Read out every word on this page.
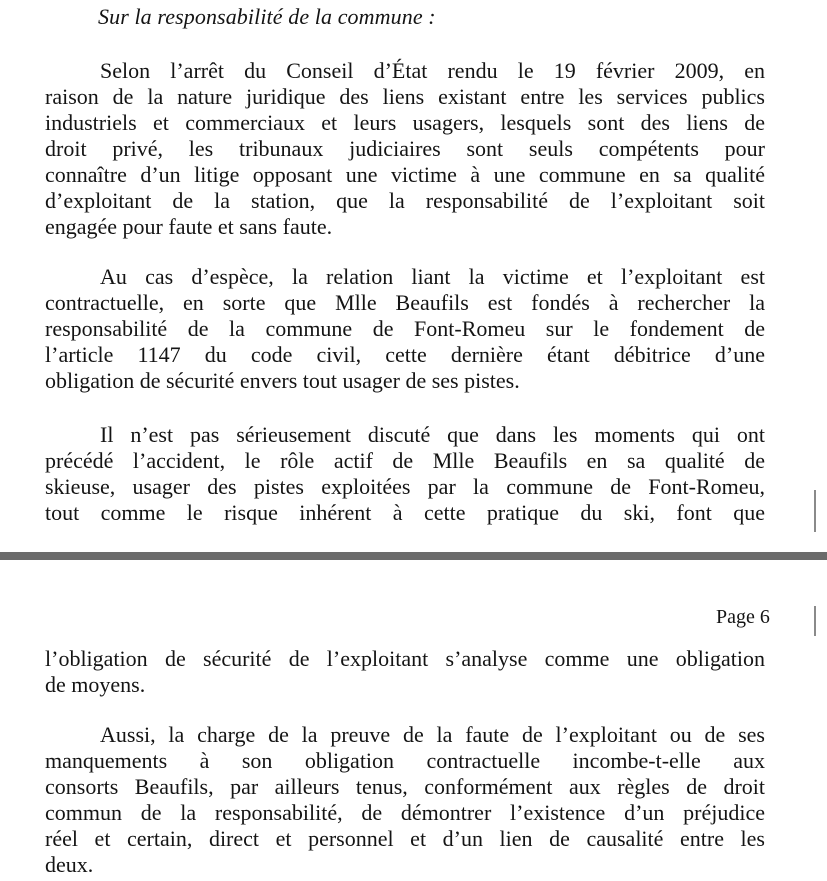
Sur la responsabilité de la commune :

Selon l’arrêt du Conseil d’État rendu le 19 février 2009, en
raison de la nature juridique des liens existant entre les services publics
industriels et commerciaux et leurs usagers, lesquels sont des liens de
droit privé, les tribunaux judiciaires sont seuls compétents pour
connaître d’un litige opposant une victime à une commune en sa qualité
d’exploitant de la station, que la responsabilité de l’exploitant soit
engagée pour faute et sans faute.

Au cas d’espèce, la relation liant la victime et l’exploitant est
contractuelle, en sorte que Mlle Beaufils est fondés à rechercher la
responsabilité de la commune de Font-Romeu sur le fondement de
l’article 1147 du code civil, cette dernière étant débitrice d’une
obligation de sécurité envers tout usager de ses pistes.

Il n’est pas sérieusement discuté que dans les moments qui ont
précédé l’accident, le rôle actif de Mlle Beaufils en sa qualité de
skieuse, usager des pistes exploitées par la commune de Font-Romeu,
tout comme le risque inhérent à cette pratique du ski, font que

Page 6

l’obligation de sécurité de l’exploitant s’analyse comme une obligation
de moyens.

Aussi, la charge de la preuve de la faute de l’exploitant ou de ses
manquements à son obligation contractuelle incombe-t-elle aux
consorts Beaufils, par ailleurs tenus, conformément aux règles de droit
commun de la responsabilité, de démontrer l’existence d’un préjudice
réel et certain, direct et personnel et d’un lien de causalité entre les
deux.
